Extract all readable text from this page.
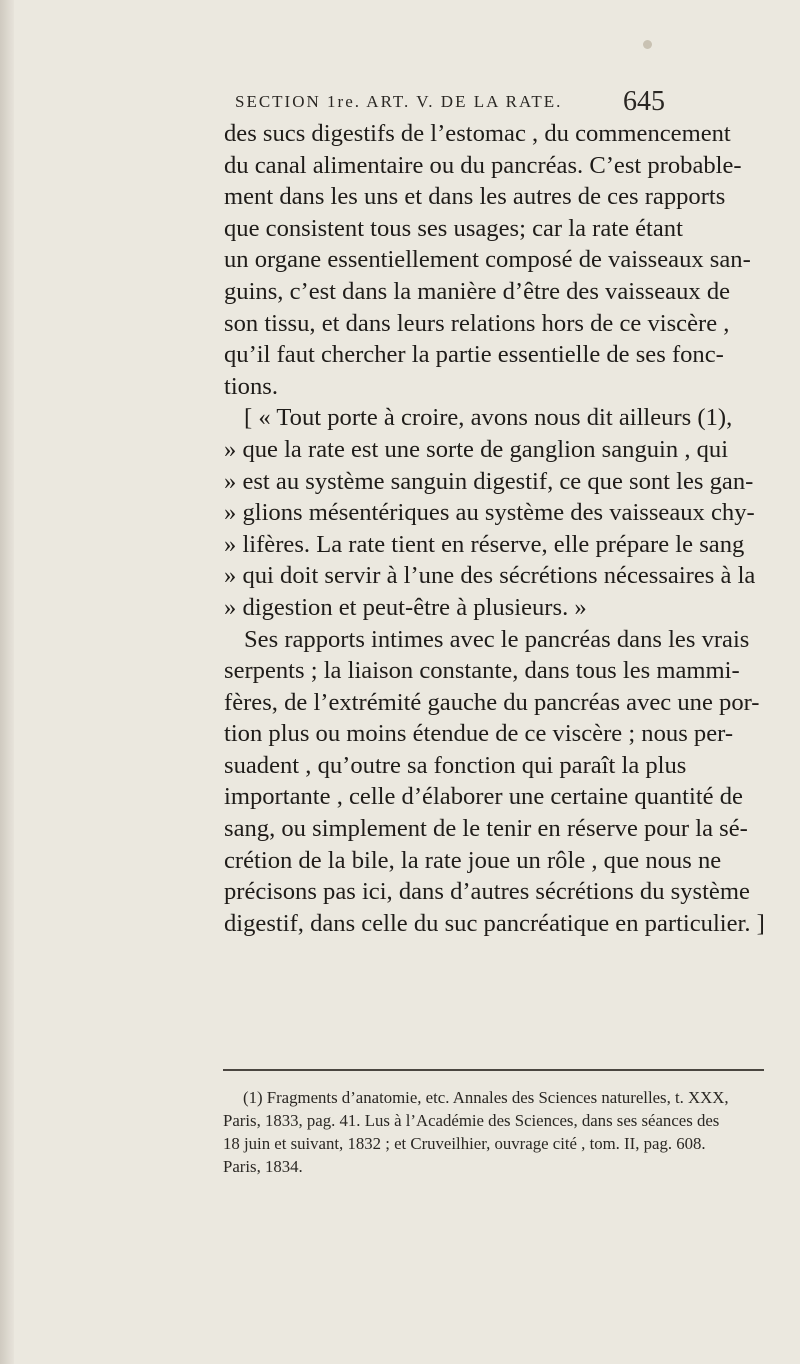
SECTION 1re. ART. V. DE LA RATE. 645
des sucs digestifs de l’estomac , du commencement
du canal alimentaire ou du pancréas. C’est probable-
ment dans les uns et dans les autres de ces rapports
que consistent tous ses usages; car la rate étant
un organe essentiellement composé de vaisseaux san-
guins, c’est dans la manière d’être des vaisseaux de
son tissu, et dans leurs relations hors de ce viscère ,
qu’il faut chercher la partie essentielle de ses fonc-
tions.
[ « Tout porte à croire, avons nous dit ailleurs (1),
» que la rate est une sorte de ganglion sanguin , qui
» est au système sanguin digestif, ce que sont les gan-
» glions mésentériques au système des vaisseaux chy-
» lifères. La rate tient en réserve, elle prépare le sang
» qui doit servir à l’une des sécrétions nécessaires à la
» digestion et peut-être à plusieurs. »
Ses rapports intimes avec le pancréas dans les vrais
serpents ; la liaison constante, dans tous les mammi-
fères, de l’extrémité gauche du pancréas avec une por-
tion plus ou moins étendue de ce viscère ; nous per-
suadent , qu’outre sa fonction qui paraît la plus
importante , celle d’élaborer une certaine quantité de
sang, ou simplement de le tenir en réserve pour la sé-
crétion de la bile, la rate joue un rôle , que nous ne
précisons pas ici, dans d’autres sécrétions du système
digestif, dans celle du suc pancréatique en particulier. ]
(1) Fragments d’anatomie, etc. Annales des Sciences naturelles, t. XXX,
Paris, 1833, pag. 41. Lus à l’Académie des Sciences, dans ses séances des
18 juin et suivant, 1832 ; et Cruveilhier, ouvrage cité , tom. II, pag. 608.
Paris, 1834.
